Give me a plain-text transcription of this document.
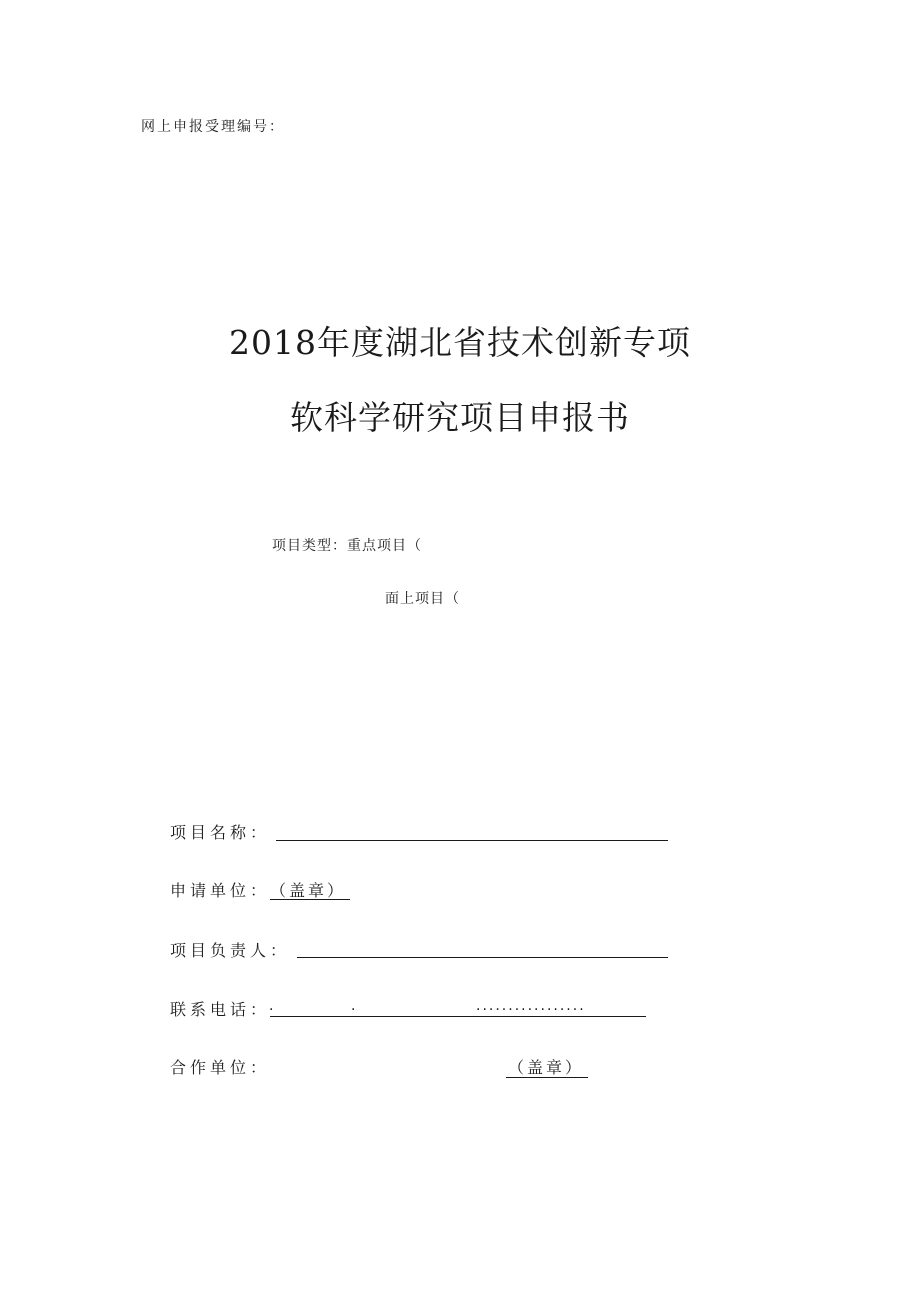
网上申报受理编号：
2018年度湖北省技术创新专项
软科学研究项目申报书
项目类型：重点项目（
面上项目（
项目名称：
申请单位： （盖章）
项目负责人：
联系电话：
.	.	.................
合作单位：	（盖章）
